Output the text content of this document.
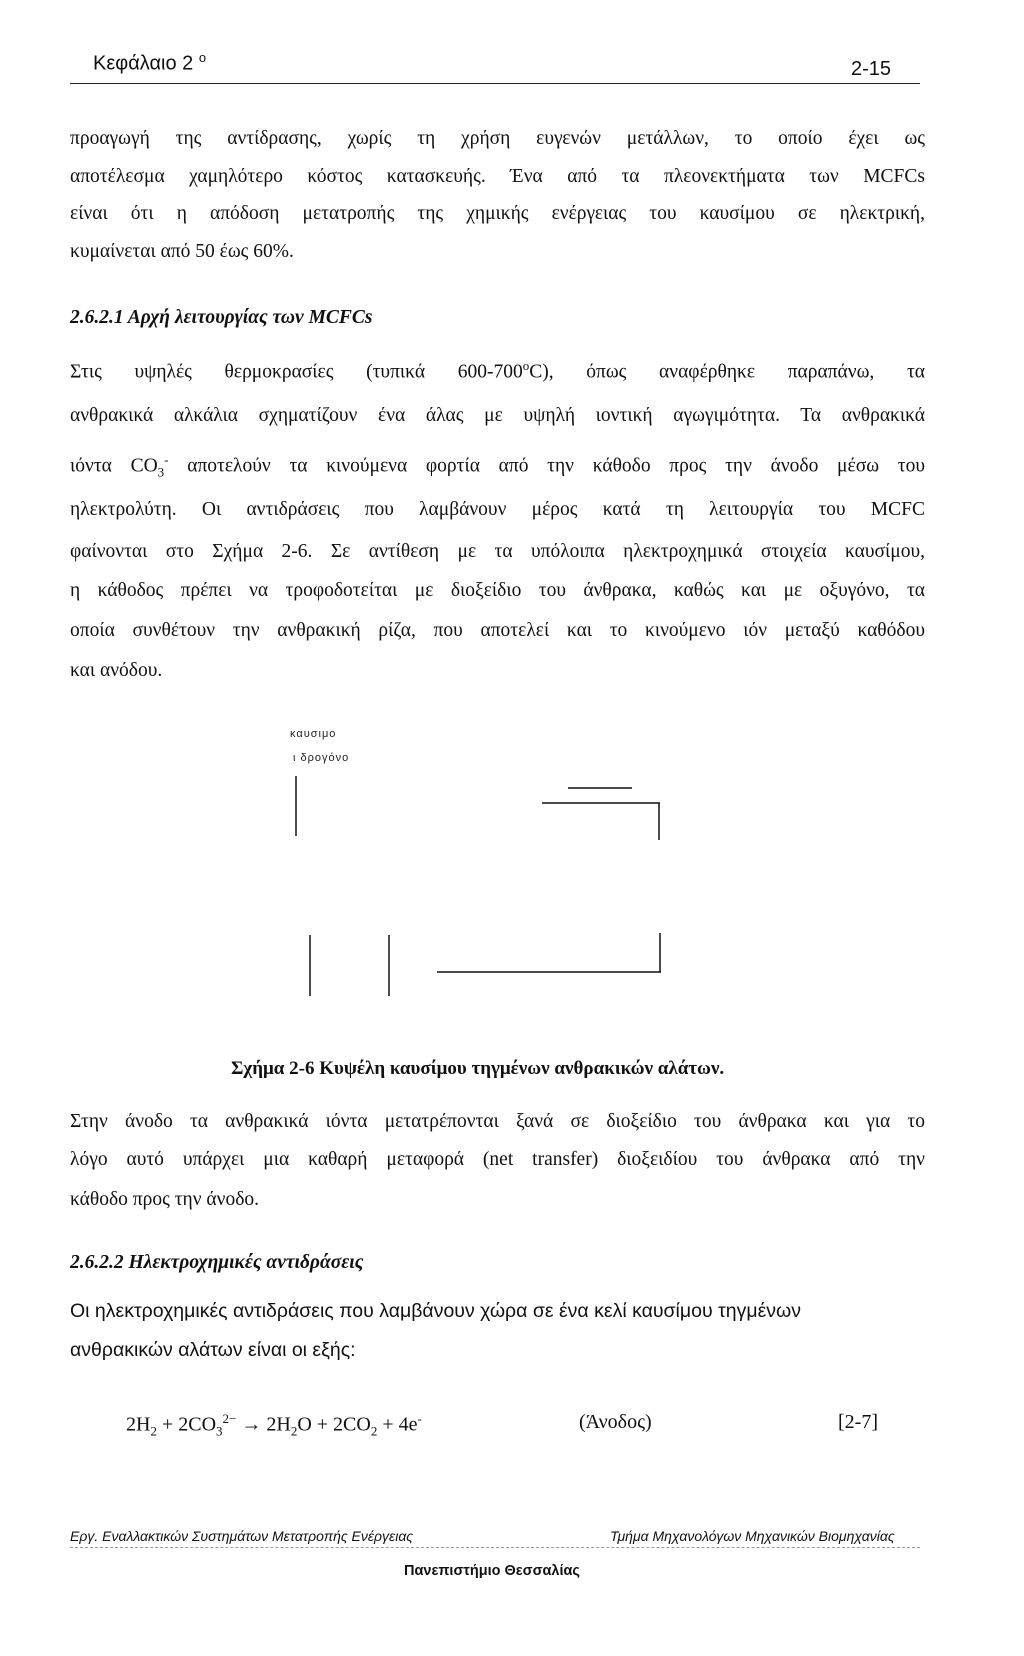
Κεφάλαιο 2 $^o$
2-15
προαγωγή της αντίδρασης, χωρίς τη χρήση ευγενών μετάλλων, το οποίο έχει ως
αποτέλεσμα χαμηλότερο κόστος κατασκευής. Ένα από τα πλεονεκτήματα των MCFCs
είναι ότι η απόδοση μετατροπής της χημικής ενέργειας του καυσίμου σε ηλεκτρική,
κυμαίνεται από 50 έως 60%.
2.6.2.1 Αρχή λειτουργίας των MCFCs
Στις υψηλές θερμοκρασίες (τυπικά $600-700^oC$), όπως αναφέρθηκε παραπάνω, τα
ανθρακικά αλκάλια σχηματίζουν ένα άλας με υψηλή ιοντική αγωγιμότητα. Τα ανθρακικά
ιόντα $CO_3^-$ αποτελούν τα κινούμενα φορτία από την κάθοδο προς την άνοδο μέσω του
ηλεκτρολύτη. Οι αντιδράσεις που λαμβάνουν μέρος κατά τη λειτουργία του MCFC
φαίνονται στο Σχήμα 2-6. Σε αντίθεση με τα υπόλοιπα ηλεκτροχημικά στοιχεία καυσίμου,
η κάθοδος πρέπει να τροφοδοτείται με διοξείδιο του άνθρακα, καθώς και με οξυγόνο, τα
οποία συνθέτουν την ανθρακική ρίζα, που αποτελεί και το κινούμενο ιόν μεταξύ καθόδου
και ανόδου.
καυσιμο
ι δρογόνο
Σχήμα 2-6 Κυψέλη καυσίμου τηγμένων ανθρακικών αλάτων.
Στην άνοδο τα ανθρακικά ιόντα μετατρέπονται ξανά σε διοξείδιο του άνθρακα και για το
λόγο αυτό υπάρχει μια καθαρή μεταφορά (net transfer) διοξειδίου του άνθρακα από την
κάθοδο προς την άνοδο.
2.6.2.2 Ηλεκτροχημικές αντιδράσεις
Οι ηλεκτροχημικές αντιδράσεις που λαμβάνουν χώρα σε ένα κελί καυσίμου τηγμένων
ανθρακικών αλάτων είναι οι εξής:
$2H_2 + 2CO_3^{2-} \to 2H_2O + 2CO_2 + 4e^-$	(Άνοδος)	[2-7]
Εργ. Εναλλακτικών Συστημάτων Μετατροπής Ενέργειας	Τμήμα Μηχανολόγων Μηχανικών Βιομηχανίας
Πανεπιστήμιο Θεσσαλίας
